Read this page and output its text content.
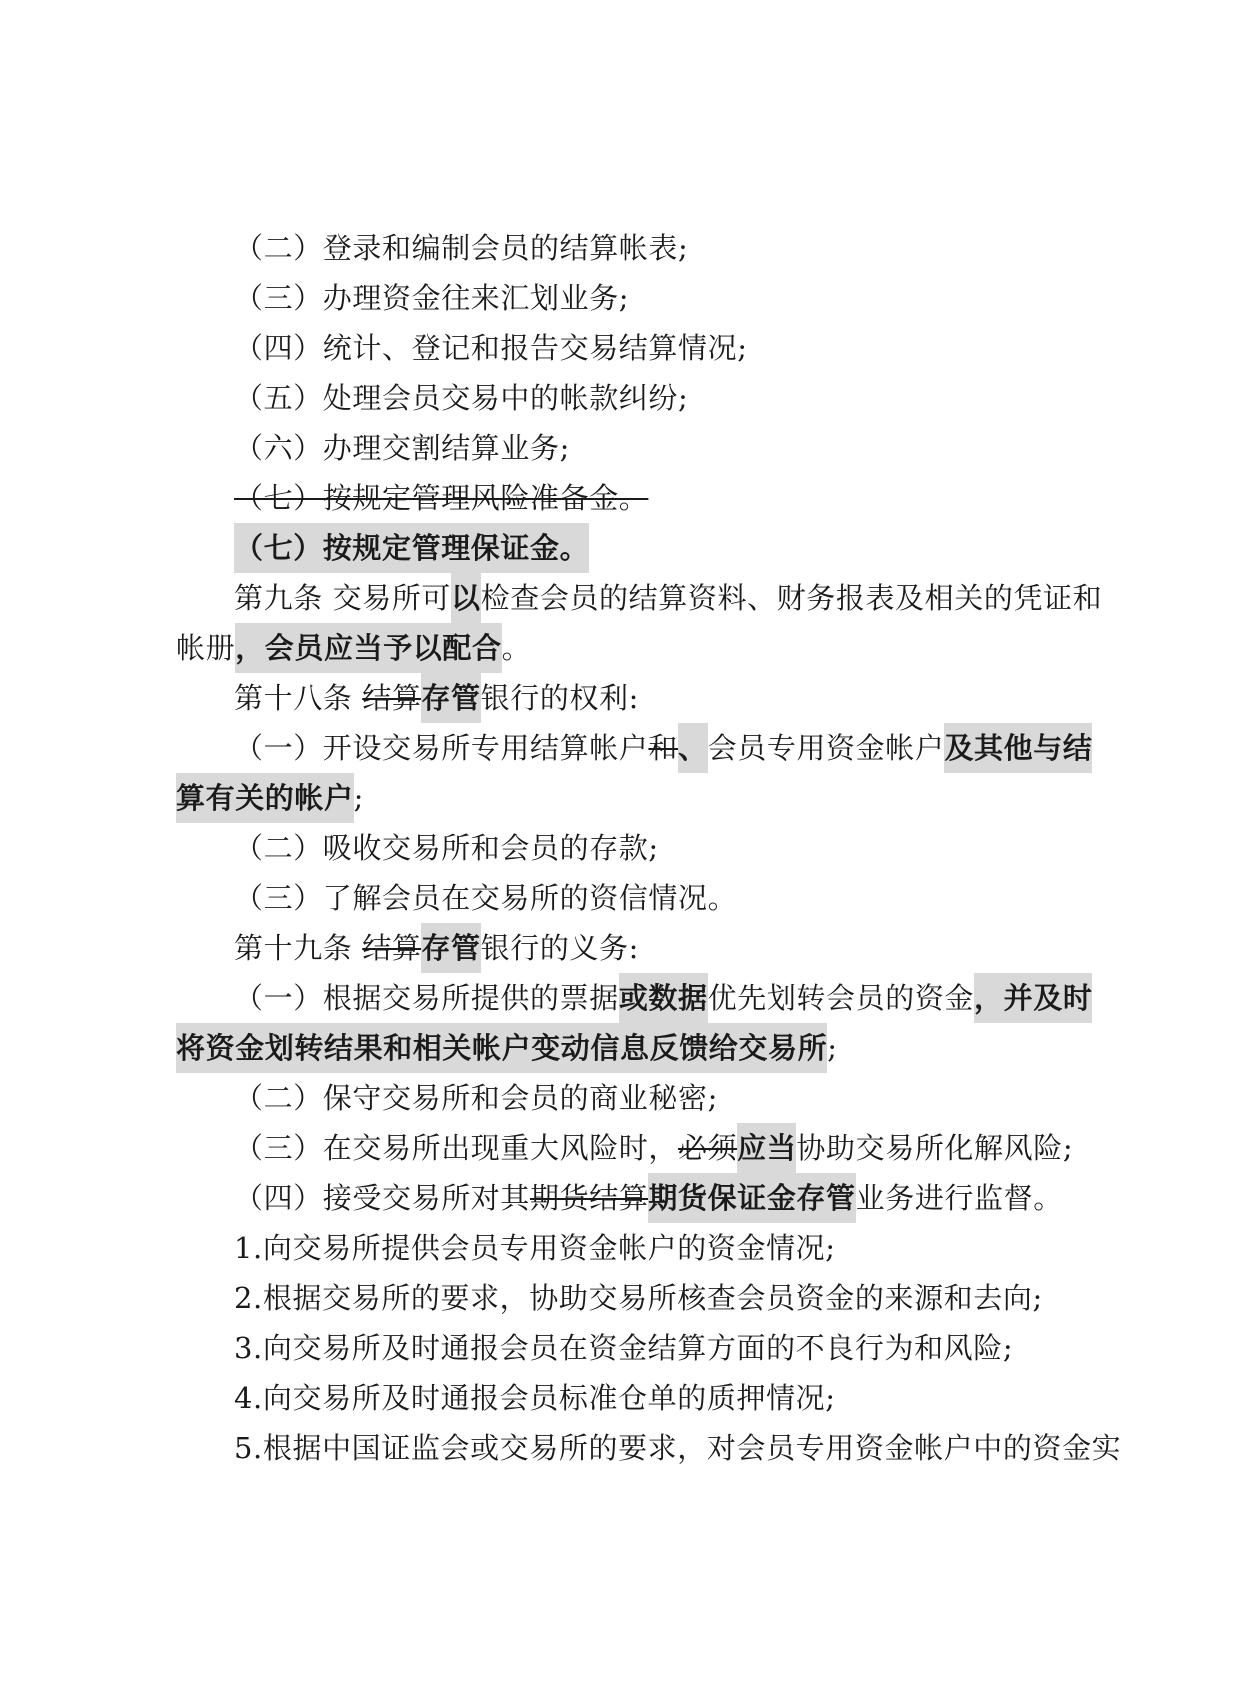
（二）登录和编制会员的结算帐表;
（三）办理资金往来汇划业务;
（四）统计、登记和报告交易结算情况;
（五）处理会员交易中的帐款纠纷;
（六）办理交割结算业务;
（七）按规定管理风险准备金。
（七）按规定管理保证金。
第九条 交易所可以检查会员的结算资料、财务报表及相关的凭证和
帐册，会员应当予以配合。
第十八条 结算存管银行的权利:
（一）开设交易所专用结算帐户和、会员专用资金帐户及其他与结
算有关的帐户;
（二）吸收交易所和会员的存款;
（三）了解会员在交易所的资信情况。
第十九条 结算存管银行的义务:
（一）根据交易所提供的票据或数据优先划转会员的资金，并及时
将资金划转结果和相关帐户变动信息反馈给交易所;
（二）保守交易所和会员的商业秘密;
（三）在交易所出现重大风险时，必须应当协助交易所化解风险;
（四）接受交易所对其期货结算期货保证金存管业务进行监督。
1.向交易所提供会员专用资金帐户的资金情况;
2.根据交易所的要求，协助交易所核查会员资金的来源和去向;
3.向交易所及时通报会员在资金结算方面的不良行为和风险;
4.向交易所及时通报会员标准仓单的质押情况;
5.根据中国证监会或交易所的要求，对会员专用资金帐户中的资金实
